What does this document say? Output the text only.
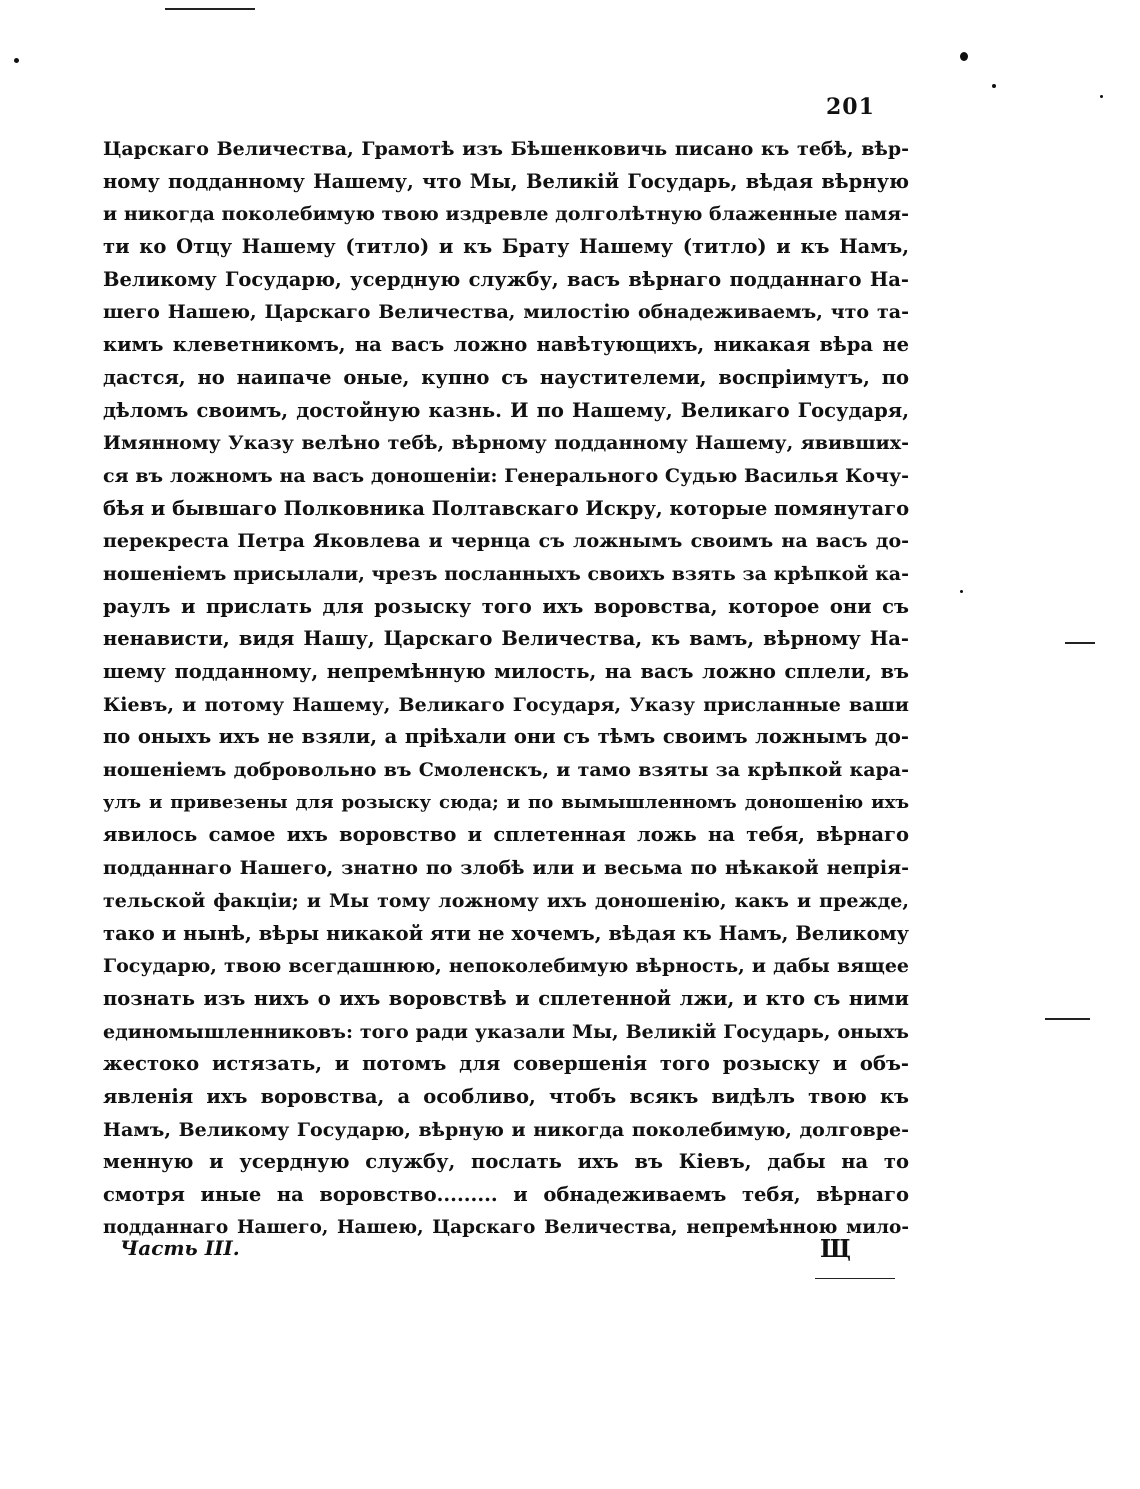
201
Царскаго Величества, Грамотѣ изъ Бѣшенковичь писано къ тебѣ, вѣр-
ному подданному Нашему, что Мы, Великій Государь, вѣдая вѣрную
и никогда поколебимую твою издревле долголѣтную блаженные памя-
ти ко Отцу Нашему (титло) и къ Брату Нашему (титло) и къ Намъ,
Великому Государю, усердную службу, васъ вѣрнаго подданнаго На-
шего Нашею, Царскаго Величества, милостію обнадеживаемъ, что та-
кимъ клеветникомъ, на васъ ложно навѣтующихъ, никакая вѣра не
дастся, но наипаче оные, купно съ наустителеми, воспріимутъ, по
дѣломъ своимъ, достойную казнь. И по Нашему, Великаго Государя,
Имянному Указу велѣно тебѣ, вѣрному подданному Нашему, явивших-
ся въ ложномъ на васъ доношеніи: Генерального Судью Василья Кочу-
бѣя и бывшаго Полковника Полтавскаго Искру, которые помянутаго
перекреста Петра Яковлева и чернца съ ложнымъ своимъ на васъ до-
ношеніемъ присылали, чрезъ посланныхъ своихъ взять за крѣпкой ка-
раулъ и прислать для розыску того ихъ воровства, которое они съ
ненависти, видя Нашу, Царскаго Величества, къ вамъ, вѣрному На-
шему подданному, непремѣнную милость, на васъ ложно сплели, въ
Кіевъ, и потому Нашему, Великаго Государя, Указу присланные ваши
по оныхъ ихъ не взяли, а пріѣхали они съ тѣмъ своимъ ложнымъ до-
ношеніемъ добровольно въ Смоленскъ, и тамо взяты за крѣпкой кара-
улъ и привезены для розыску сюда; и по вымышленномъ доношенію ихъ
явилось самое ихъ воровство и сплетенная ложь на тебя, вѣрнаго
подданнаго Нашего, знатно по злобѣ или и весьма по нѣкакой непрія-
тельской факціи; и Мы тому ложному ихъ доношенію, какъ и прежде,
тако и нынѣ, вѣры никакой яти не хочемъ, вѣдая къ Намъ, Великому
Государю, твою всегдашнюю, непоколебимую вѣрность, и дабы вящее
познать изъ нихъ о ихъ воровствѣ и сплетенной лжи, и кто съ ними
единомышленниковъ: того ради указали Мы, Великій Государь, оныхъ
жестоко истязать, и потомъ для совершенія того розыску и объ-
явленія ихъ воровства, а особливо, чтобъ всякъ видѣлъ твою къ
Намъ, Великому Государю, вѣрную и никогда поколебимую, долговре-
менную и усердную службу, послать ихъ въ Кіевъ, дабы на то
смотря иные на воровство......... и обнадеживаемъ тебя, вѣрнаго
подданнаго Нашего, Нашею, Царскаго Величества, непремѣнною мило-
Часть III.	Щ
